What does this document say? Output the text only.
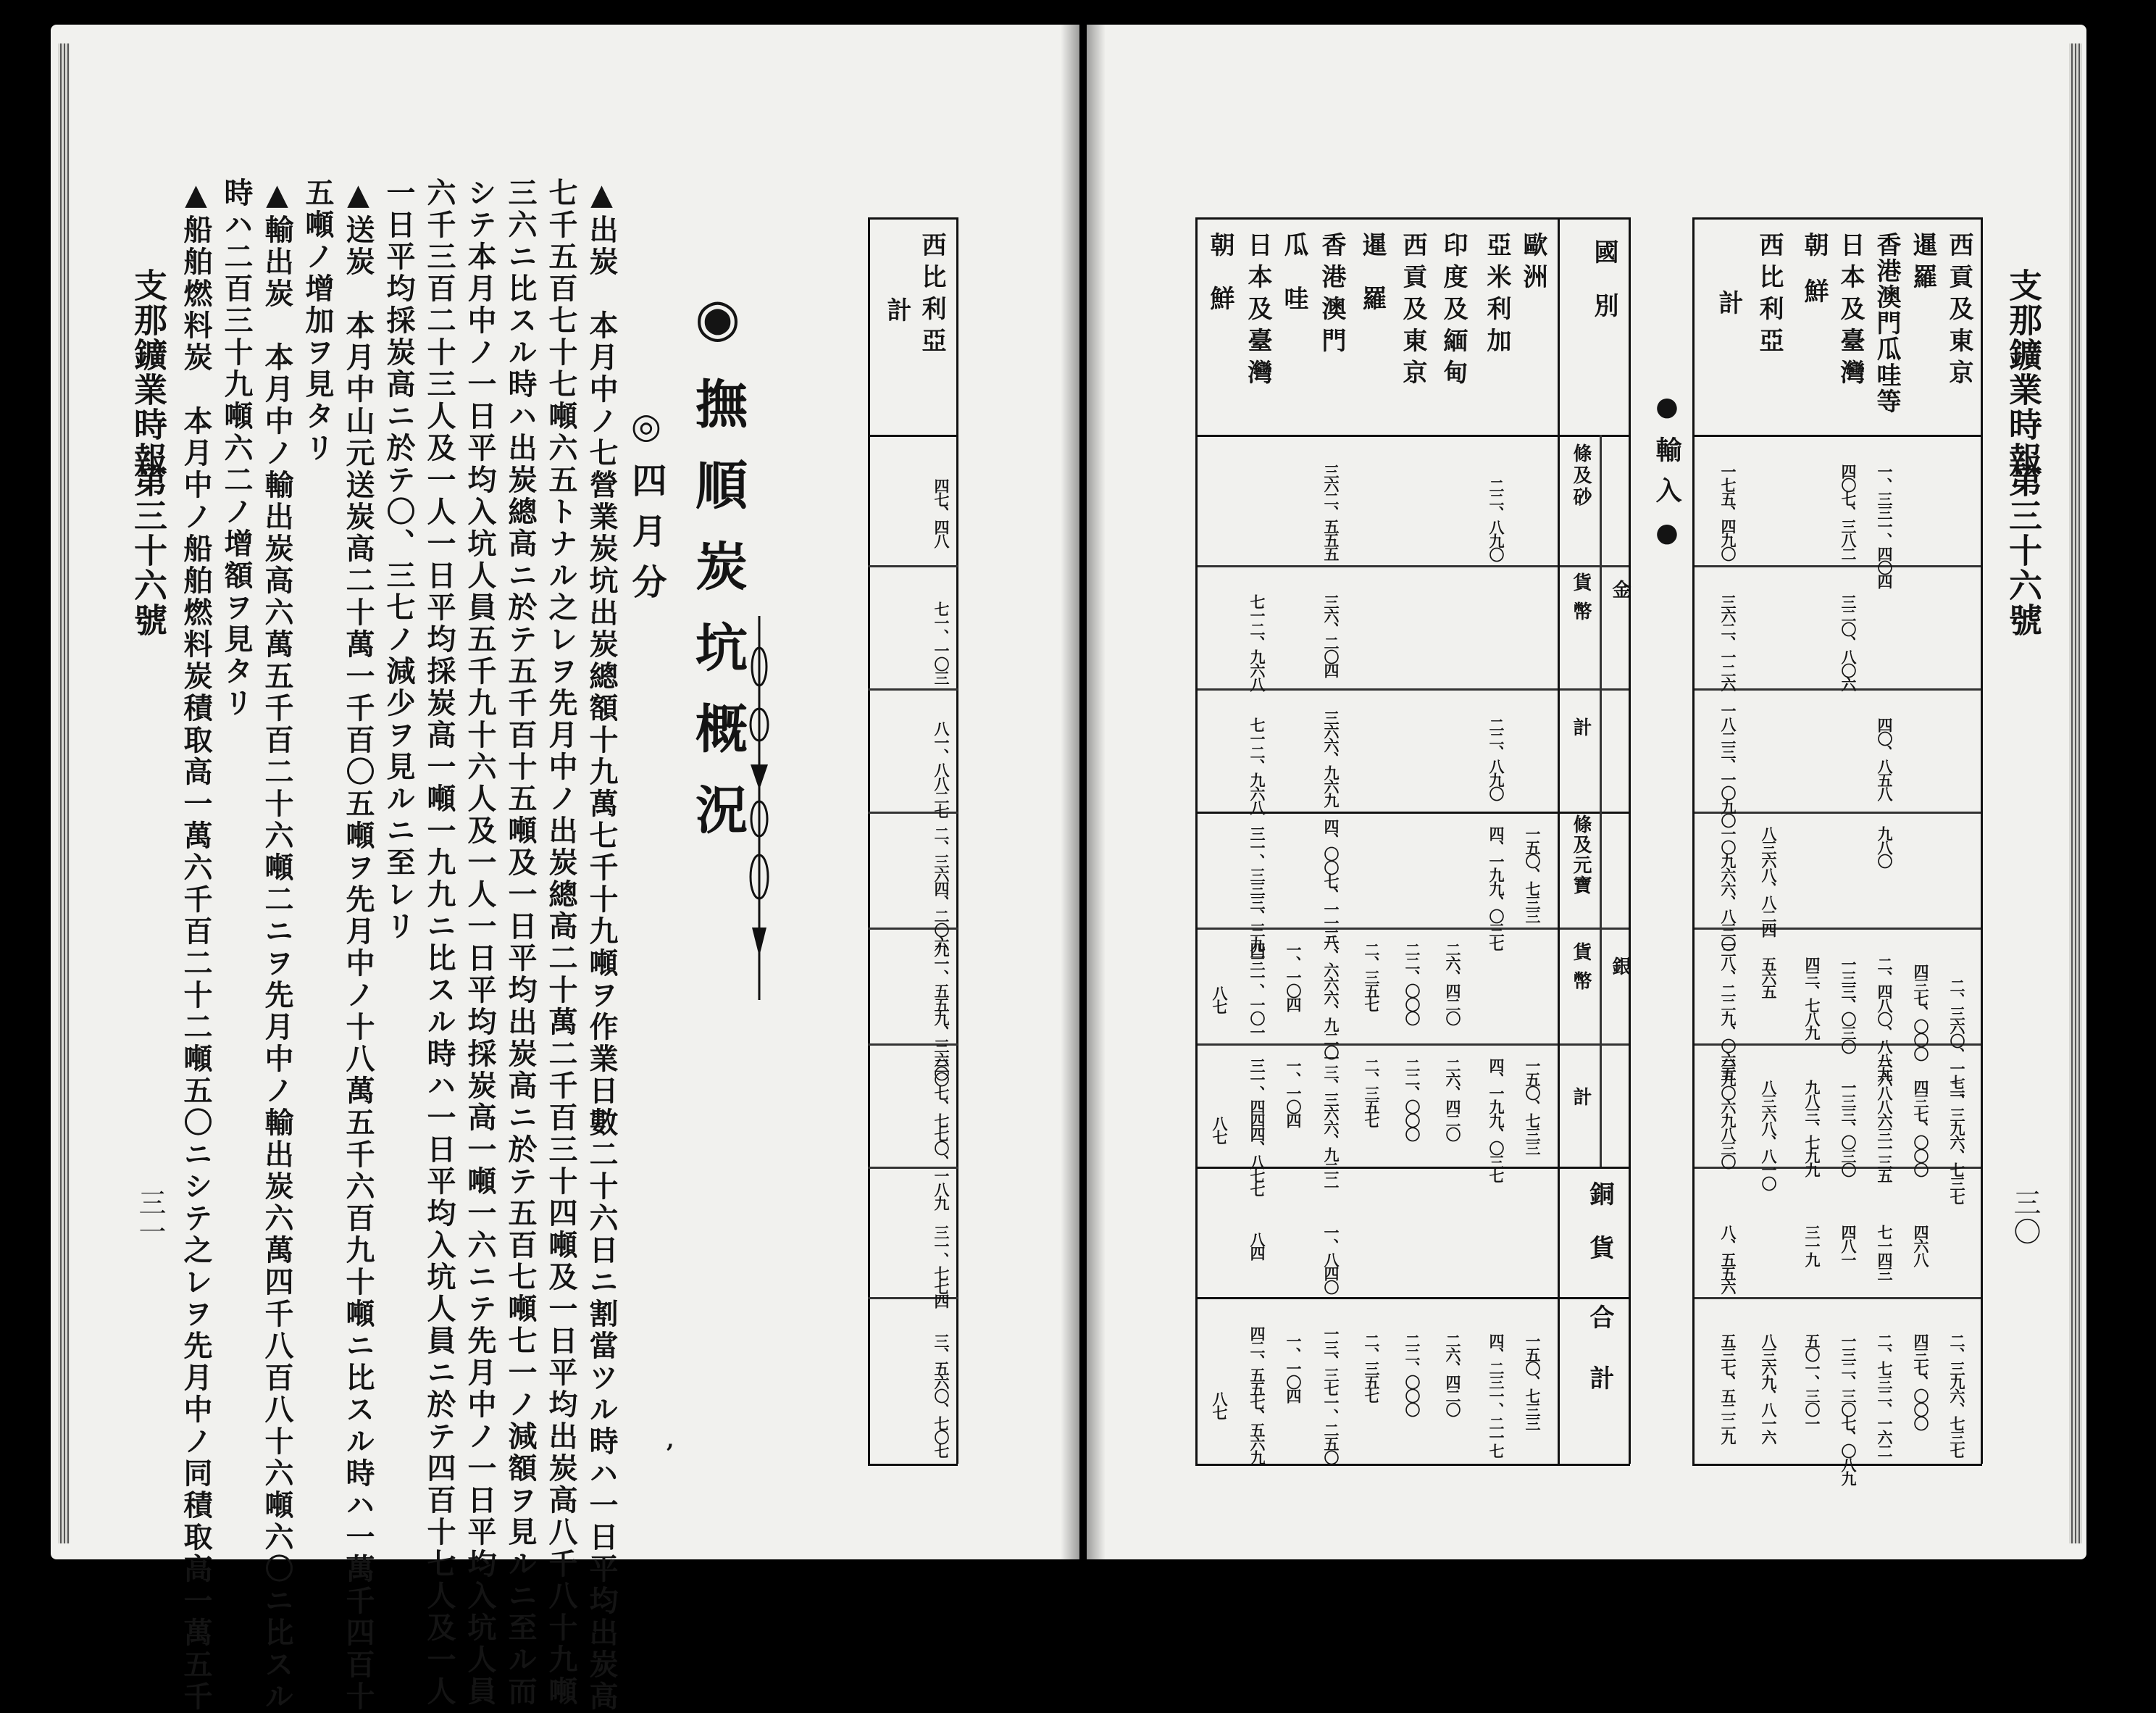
支那鑛業時報
第三十六號
三一	▲出炭　本月中ノ七營業炭坑出炭總額十九萬七千十九噸ヲ作業日數二十六日ニ割當ツル時ハ一日平均出炭高
七千五百七十七噸六五トナル之レヲ先月中ノ出炭總高二十萬二千百三十四噸及一日平均出炭高八千八十九噸
三六ニ比スル時ハ出炭總高ニ於テ五千百十五噸及一日平均出炭高ニ於テ五百七噸七一ノ減額ヲ見ルニ至ル而
シテ本月中ノ一日平均入坑人員五千九十六人及一人一日平均採炭高一噸一六ニテ先月中ノ一日平均入坑人員
六千三百二十三人及一人一日平均採炭高一噸一九九ニ比スル時ハ一日平均入坑人員ニ於テ四百十七人及一人
一日平均採炭高ニ於テ〇、三七ノ減少ヲ見ルニ至レリ
▲送炭　本月中山元送炭高二十萬一千百〇五噸ヲ先月中ノ十八萬五千六百九十噸ニ比スル時ハ一萬千四百十
五噸ノ增加ヲ見タリ
▲輸出炭　本月中ノ輸出炭高六萬五千百二十六噸二ニヲ先月中ノ輸出炭六萬四千八百八十六噸六〇ニ比スル
時ハ二百三十九噸六二ノ增額ヲ見タリ
▲船舶燃料炭　本月中ノ船舶燃料炭積取高一萬六千百二十二噸五〇ニシテ之レヲ先月中ノ同積取高一萬五千	◉撫順炭坑概況
◎四月分
,
西比利亞
計
四七、四八
七一、一〇三
八一、八八二七
二、三六四、二〇六
九一、五五九、三六〇
三〇七、七七〇、一八九
三、五六〇、七〇七
三一、七七四
支那鑛業時報
第三十六號
三〇
西貢及東京
暹羅
香港澳門瓜哇等
日本及臺灣
朝鮮
西比利亞
計
二、三六〇、一七一
二、三九六、七三七
二、三九六、七三七
四三七、〇〇〇
四三七、〇〇〇
四六八
四三七、〇〇〇
一、三三一、四〇四
四〇、八五八
九八〇
二、四八〇、八八九
三六八八六三一三五
七一四三
二、七三二、一六二
四〇七、三八二
三二〇、八〇六
一三三、〇三〇
一三三、〇三〇
四八一
一三二、三〇七、〇八九
四三、七八九
九八三、七九九
三一九
五〇一、三〇一
八三六八、八二四
五六五
八三六八、八一〇
八三六九、八一六
一七五、四九〇
三六二、一二六
一八二三、一〇九〇
一〇九六六、八三〇
三八、二二九、〇六五
三九〇六九八三〇
八、五五六
五三七、五二二九
●輸入●
國別
金
銀
條及砂
貨幣
計
條及元寶
貨幣
計
銅貨
合計
歐洲
亞米利加
印度及緬甸
西貢及東京
暹羅
香港澳門
瓜哇
日本及臺灣
朝鮮
一五〇、七三三
一五〇、七三三
一五〇、七三三
二二、八九〇
二二、八九〇
四、一九九、〇三七
四、一九九、〇三七
四、二三一、二一七
二六、四二〇
二六、四二〇
二六、四二〇
二二、〇〇〇
二二、〇〇〇
二二、〇〇〇
二、三五七
二、三五七
二、三五七
三六二、五五五
三六、二〇四
三六六、九六九
四、〇〇七、一一三
八、六六六、九二〇
一三、三六六、九二二
一、八四〇
一三、三七一、二五〇
一、一〇四
一、一〇四
一、一〇四
七一二、九六八
七一二、九六八
三一、三三三、三九一
四三一、一〇一
三一、四四四、八七七
八四
四二、五五七、五六九
八七
八七
八七
